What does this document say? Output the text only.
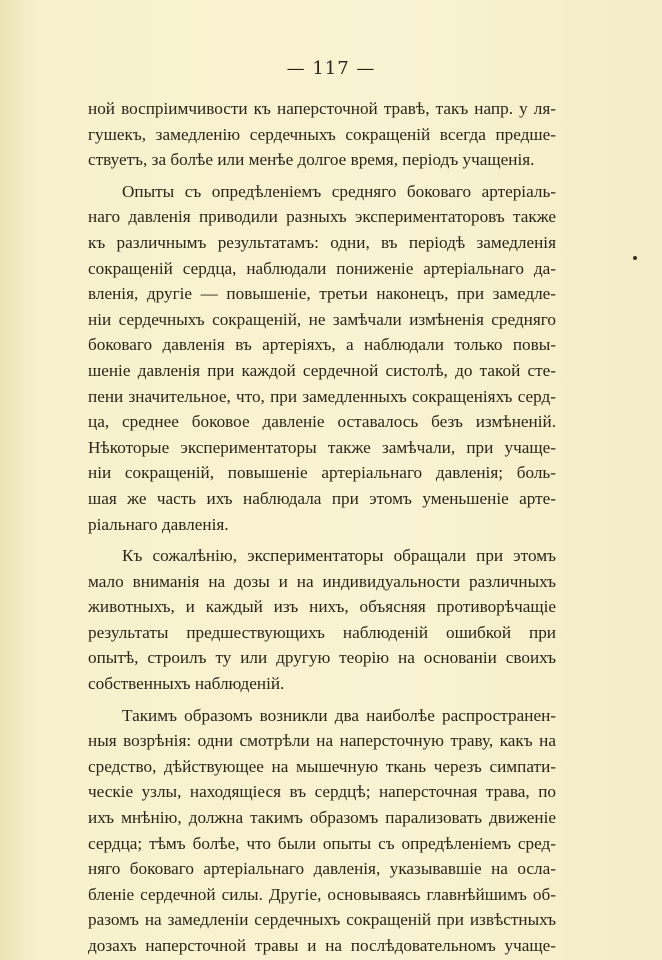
— 117 —
ной воспріимчивости къ наперсточной травѣ, такъ напр. у ля-
гушекъ, замедленію сердечныхъ сокращеній всегда предше-
ствуетъ, за болѣе или менѣе долгое время, періодъ учащенія.
Опыты съ опредѣленіемъ средняго боковаго артеріаль-
наго давленія приводили разныхъ экспериментаторовъ также
къ различнымъ результатамъ: одни, въ періодѣ замедленія
сокращеній сердца, наблюдали пониженіе артеріальнаго да-
вленія, другіе — повышеніе, третьи наконецъ, при замедле-
ніи сердечныхъ сокращеній, не замѣчали измѣненія средняго
боковаго давленія въ артеріяхъ, а наблюдали только повы-
шеніе давленія при каждой сердечной систолѣ, до такой сте-
пени значительное, что, при замедленныхъ сокращеніяхъ серд-
ца, среднее боковое давленіе оставалось безъ измѣненій.
Нѣкоторые экспериментаторы также замѣчали, при учаще-
ніи сокращеній, повышеніе артеріальнаго давленія; боль-
шая же часть ихъ наблюдала при этомъ уменьшеніе арте-
ріальнаго давленія.
Къ сожалѣнію, экспериментаторы обращали при этомъ
мало вниманія на дозы и на индивидуальности различныхъ
животныхъ, и каждый изъ нихъ, объясняя противорѣчащіе
результаты предшествующихъ наблюденій ошибкой при
опытѣ, строилъ ту или другую теорію на основаніи своихъ
собственныхъ наблюденій.
Такимъ образомъ возникли два наиболѣе распространен-
ныя возрѣнія: одни смотрѣли на наперсточную траву, какъ на
средство, дѣйствующее на мышечную ткань черезъ симпати-
ческіе узлы, находящіеся въ сердцѣ; наперсточная трава, по
ихъ мнѣнію, должна такимъ образомъ парализовать движеніе
сердца; тѣмъ болѣе, что были опыты съ опредѣленіемъ сред-
няго боковаго артеріальнаго давленія, указывавшіе на осла-
бленіе сердечной силы. Другіе, основываясь главнѣйшимъ об-
разомъ на замедленіи сердечныхъ сокращеній при извѣстныхъ
дозахъ наперсточной травы и на послѣдовательномъ учаще-
